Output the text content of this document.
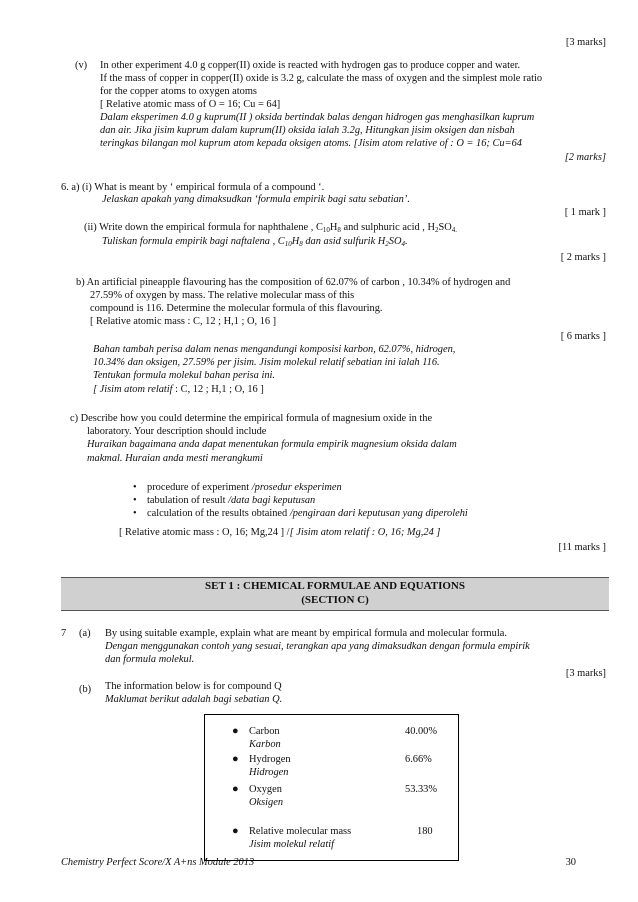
[3 marks]
(v) In other experiment 4.0 g copper(II) oxide is reacted with hydrogen gas to produce copper and water.
If the mass of copper in copper(II) oxide is 3.2 g, calculate the mass of oxygen and the simplest mole ratio
for the copper atoms to oxygen atoms
[ Relative atomic mass of O = 16; Cu = 64]
Dalam eksperimen 4.0 g kuprum(II ) oksida bertindak balas dengan hidrogen gas menghasilkan kuprum
dan air. Jika jisim kuprum dalam kuprum(II) oksida ialah 3.2g, Hitungkan jisim oksigen dan nisbah
teringkas bilangan mol kuprum atom kepada oksigen atoms. [Jisim atom relative of : O = 16; Cu=64
[2 marks]
6. a) (i) What is meant by ‘ empirical formula of a compound ‘.
Jelaskan apakah yang dimaksudkan ‘formula empirik bagi satu sebatian’.
[ 1 mark ]
(ii) Write down the empirical formula for naphthalene , $C_{10}H_8$ and sulphuric acid , $H_2SO_{4.}$
Tuliskan formula empirik bagi naftalena , $C_{10}H_8$ dan asid sulfurik $H_2SO_4$.
[ 2 marks ]
b) An artificial pineapple flavouring has the composition of 62.07% of carbon , 10.34% of hydrogen and
27.59% of oxygen by mass. The relative molecular mass of this
compound is 116. Determine the molecular formula of this flavouring.
[ Relative atomic mass : C, 12 ; H,1 ; O, 16 ]
[ 6 marks ]
Bahan tambah perisa dalam nenas mengandungi komposisi karbon, 62.07%, hidrogen,
10.34% dan oksigen, 27.59% per jisim. Jisim molekul relatif sebatian ini ialah 116.
Tentukan formula molekul bahan perisa ini.
[ Jisim atom relatif : C, 12 ; H,1 ; O, 16 ]
c) Describe how you could determine the empirical formula of magnesium oxide in the
laboratory. Your description should include
Huraikan bagaimana anda dapat menentukan formula empirik magnesium oksida dalam
makmal. Huraian anda mesti merangkumi
• procedure of experiment /prosedur eksperimen
• tabulation of result /data bagi keputusan
• calculation of the results obtained /pengiraan dari keputusan yang diperolehi
[ Relative atomic mass : O, 16; Mg,24 ] /[ Jisim atom relatif : O, 16; Mg,24 ]
[11 marks ]
SET 1 : CHEMICAL FORMULAE AND EQUATIONS
(SECTION C)
7 (a) By using suitable example, explain what are meant by empirical formula and molecular formula.
Dengan menggunakan contoh yang sesuai, terangkan apa yang dimaksudkan dengan formula empirik
dan formula molekul.
[3 marks]
(b) The information below is for compound Q
Maklumat berikut adalah bagi sebatian Q.
● Carbon	40.00%
Karbon
● Hydrogen	6.66%
Hidrogen
● Oxygen	53.33%
Oksigen
● Relative molecular mass	180
Jisim molekul relatif
Chemistry Perfect Score/X A+ns Module 2013	30
